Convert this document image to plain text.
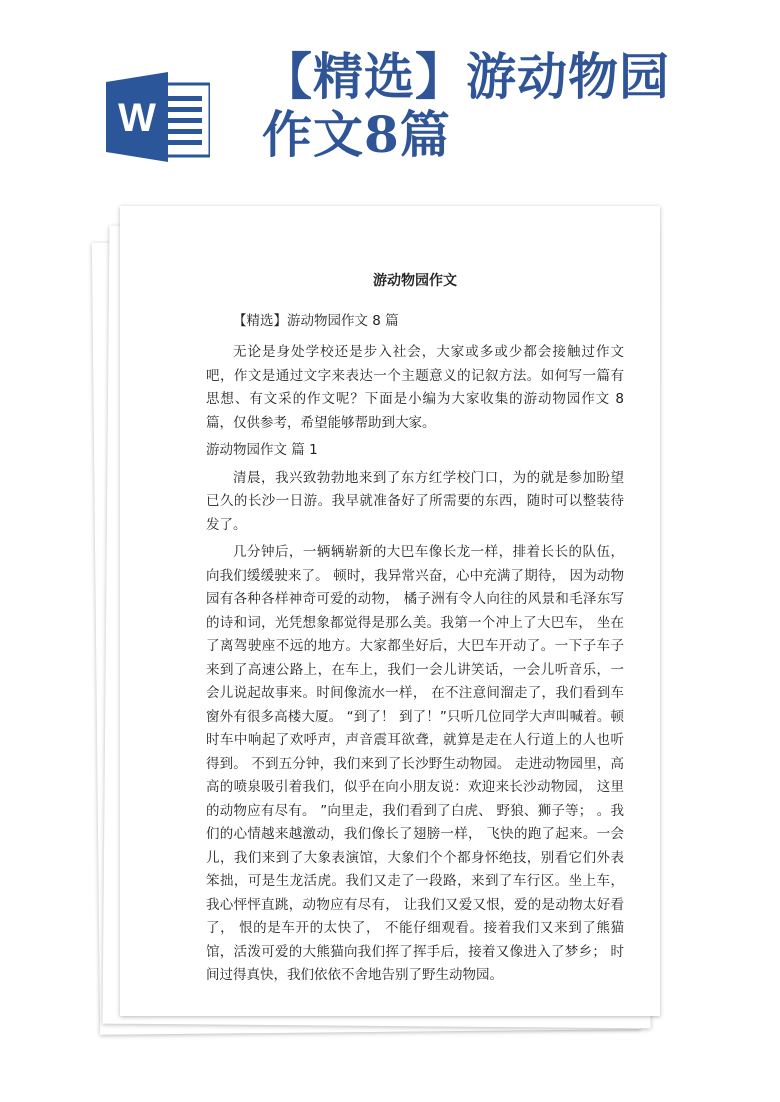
W
【精选】游动物园
作文8篇
游动物园作文

【精选】游动物园作文 8 篇

无论是身处学校还是步入社会，大家或多或少都会接触过作文吧，作文是通过文字来表达一个主题意义的记叙方法。如何写一篇有思想、有文采的作文呢？下面是小编为大家收集的游动物园作文 8 篇，仅供参考，希望能够帮助到大家。

游动物园作文 篇 1

清晨，我兴致勃勃地来到了东方红学校门口，为的就是参加盼望已久的长沙一日游。我早就准备好了所需要的东西，随时可以整装待发了。

几分钟后，一辆辆崭新的大巴车像长龙一样，排着长长的队伍，向我们缓缓驶来了。 顿时，我异常兴奋，心中充满了期待， 因为动物园有各种各样神奇可爱的动物， 橘子洲有令人向往的风景和毛泽东写的诗和词，光凭想象都觉得是那么美。我第一个冲上了大巴车， 坐在了离驾驶座不远的地方。大家都坐好后，大巴车开动了。一下子车子来到了高速公路上，在车上，我们一会儿讲笑话，一会儿听音乐，一会儿说起故事来。时间像流水一样， 在不注意间溜走了，我们看到车窗外有很多高楼大厦。 “到了！ 到了！”只听几位同学大声叫喊着。顿时车中响起了欢呼声，声音震耳欲聋，就算是走在人行道上的人也听得到。 不到五分钟，我们来到了长沙野生动物园。 走进动物园里，高高的喷泉吸引着我们，似乎在向小朋友说：欢迎来长沙动物园， 这里的动物应有尽有。 ”向里走，我们看到了白虎、 野狼、狮子等； 。我们的心情越来越激动，我们像长了翅膀一样， 飞快的跑了起来。一会儿，我们来到了大象表演馆，大象们个个都身怀绝技，别看它们外表笨拙，可是生龙活虎。我们又走了一段路，来到了车行区。坐上车，我心怦怦直跳，动物应有尽有， 让我们又爱又恨，爱的是动物太好看了， 恨的是车开的太快了， 不能仔细观看。接着我们又来到了熊猫馆，活泼可爱的大熊猫向我们挥了挥手后，接着又像进入了梦乡； 时间过得真快，我们依依不舍地告别了野生动物园。
